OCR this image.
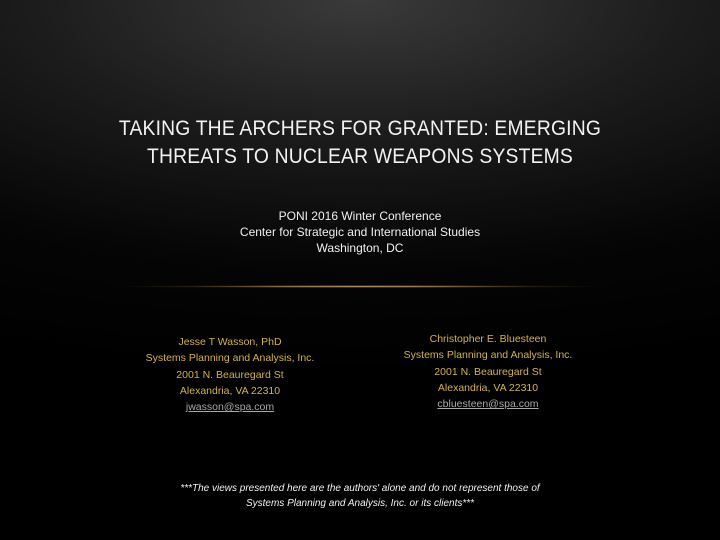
TAKING THE ARCHERS FOR GRANTED: EMERGING
THREATS TO NUCLEAR WEAPONS SYSTEMS
PONI 2016 Winter Conference
Center for Strategic and International Studies
Washington, DC
Jesse T Wasson, PhD
Systems Planning and Analysis, Inc.
2001 N. Beauregard St
Alexandria, VA 22310
jwasson@spa.com
Christopher E. Bluesteen
Systems Planning and Analysis, Inc.
2001 N. Beauregard St
Alexandria, VA 22310
cbluesteen@spa.com
***The views presented here are the authors' alone and do not represent those of
Systems Planning and Analysis, Inc. or its clients***
